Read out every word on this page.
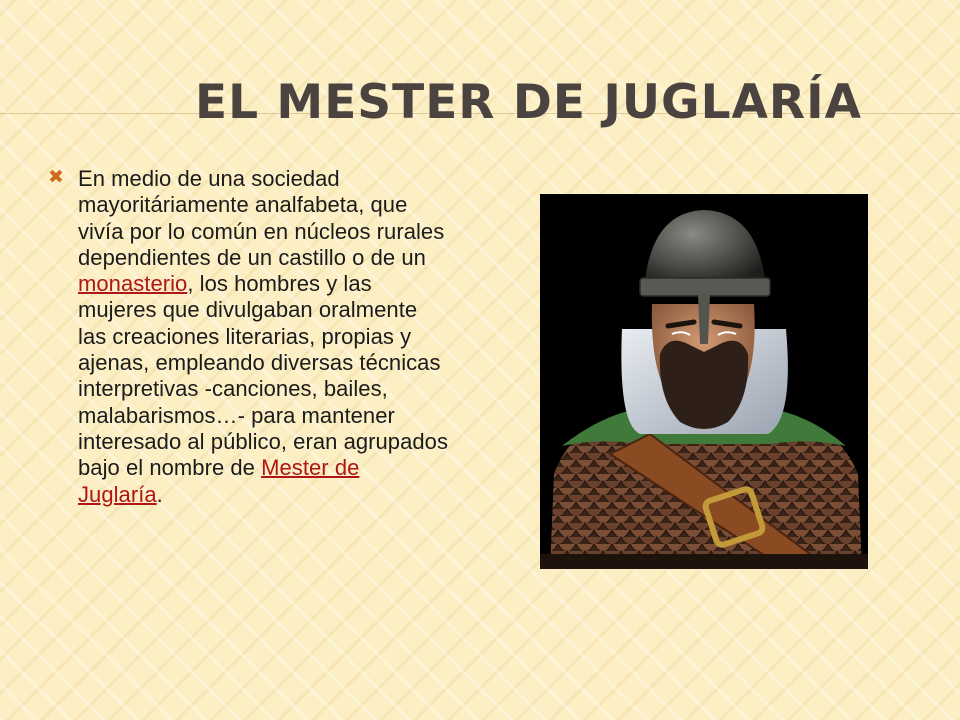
EL MESTER DE JUGLARÍA
✖ En medio de una sociedad mayoritáriamente analfabeta, que vivía por lo común en núcleos rurales dependientes de un castillo o de un monasterio, los hombres y las mujeres que divulgaban oralmente las creaciones literarias, propias y ajenas, empleando diversas técnicas interpretivas -canciones, bailes, malabarismos…- para mantener interesado al público, eran agrupados bajo el nombre de Mester de Juglaría.
